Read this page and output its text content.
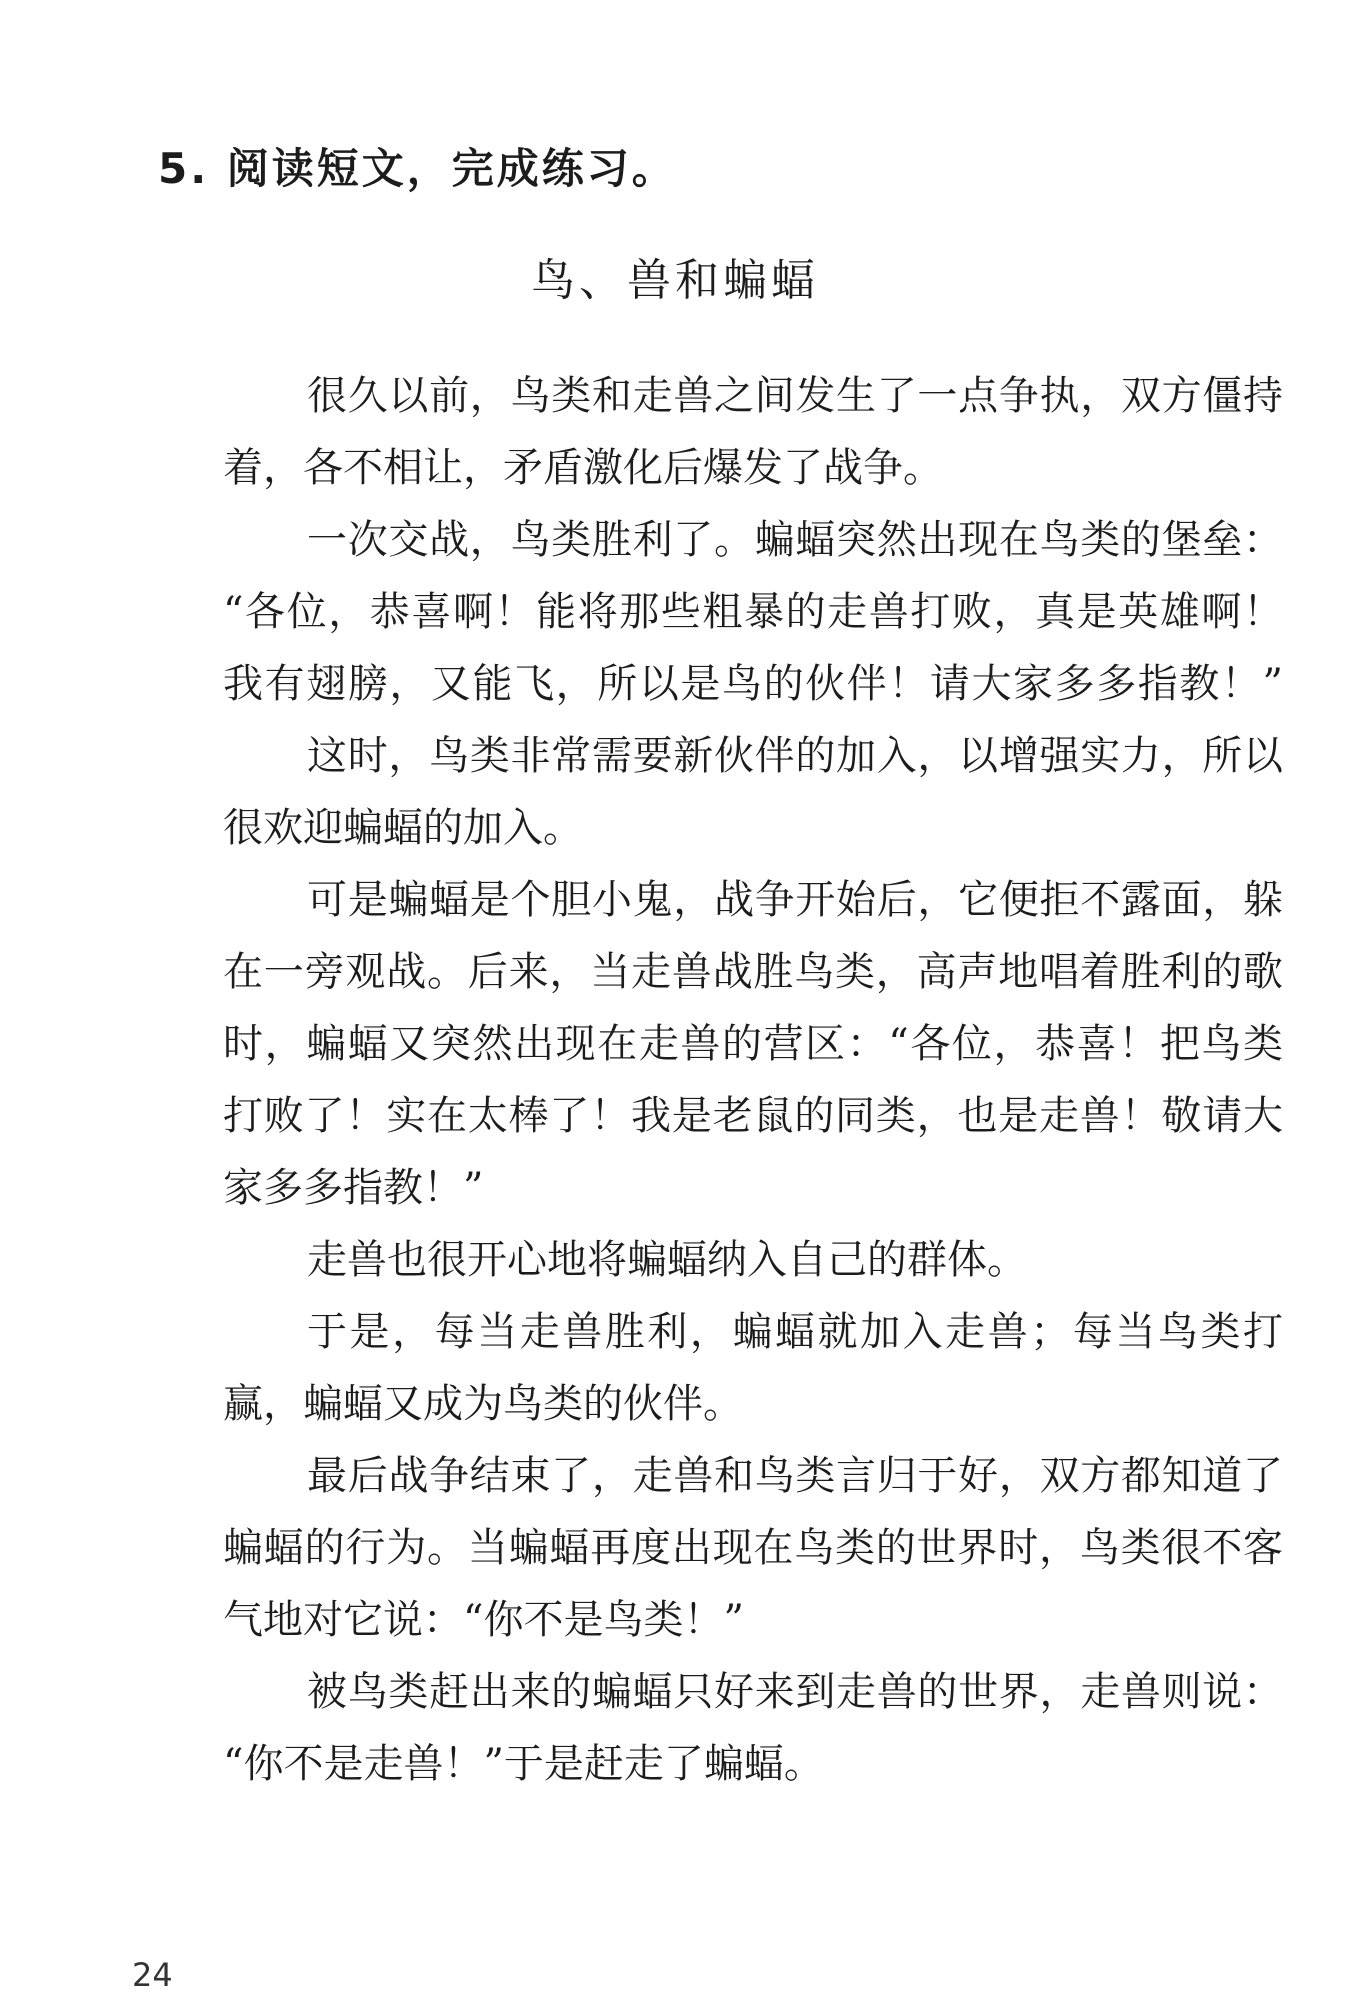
5. 阅读短文，完成练习。
鸟、兽和蝙蝠
很久以前，鸟类和走兽之间发生了一点争执，双方僵持
着，各不相让，矛盾激化后爆发了战争。
一次交战，鸟类胜利了。蝙蝠突然出现在鸟类的堡垒：
“各位，恭喜啊！能将那些粗暴的走兽打败，真是英雄啊！
我有翅膀，又能飞，所以是鸟的伙伴！请大家多多指教！”
这时，鸟类非常需要新伙伴的加入，以增强实力，所以
很欢迎蝙蝠的加入。
可是蝙蝠是个胆小鬼，战争开始后，它便拒不露面，躲
在一旁观战。后来，当走兽战胜鸟类，高声地唱着胜利的歌
时，蝙蝠又突然出现在走兽的营区：“各位，恭喜！把鸟类
打败了！实在太棒了！我是老鼠的同类，也是走兽！敬请大
家多多指教！”
走兽也很开心地将蝙蝠纳入自己的群体。
于是，每当走兽胜利，蝙蝠就加入走兽；每当鸟类打
赢，蝙蝠又成为鸟类的伙伴。
最后战争结束了，走兽和鸟类言归于好，双方都知道了
蝙蝠的行为。当蝙蝠再度出现在鸟类的世界时，鸟类很不客
气地对它说：“你不是鸟类！”
被鸟类赶出来的蝙蝠只好来到走兽的世界，走兽则说：
“你不是走兽！”于是赶走了蝙蝠。
24
